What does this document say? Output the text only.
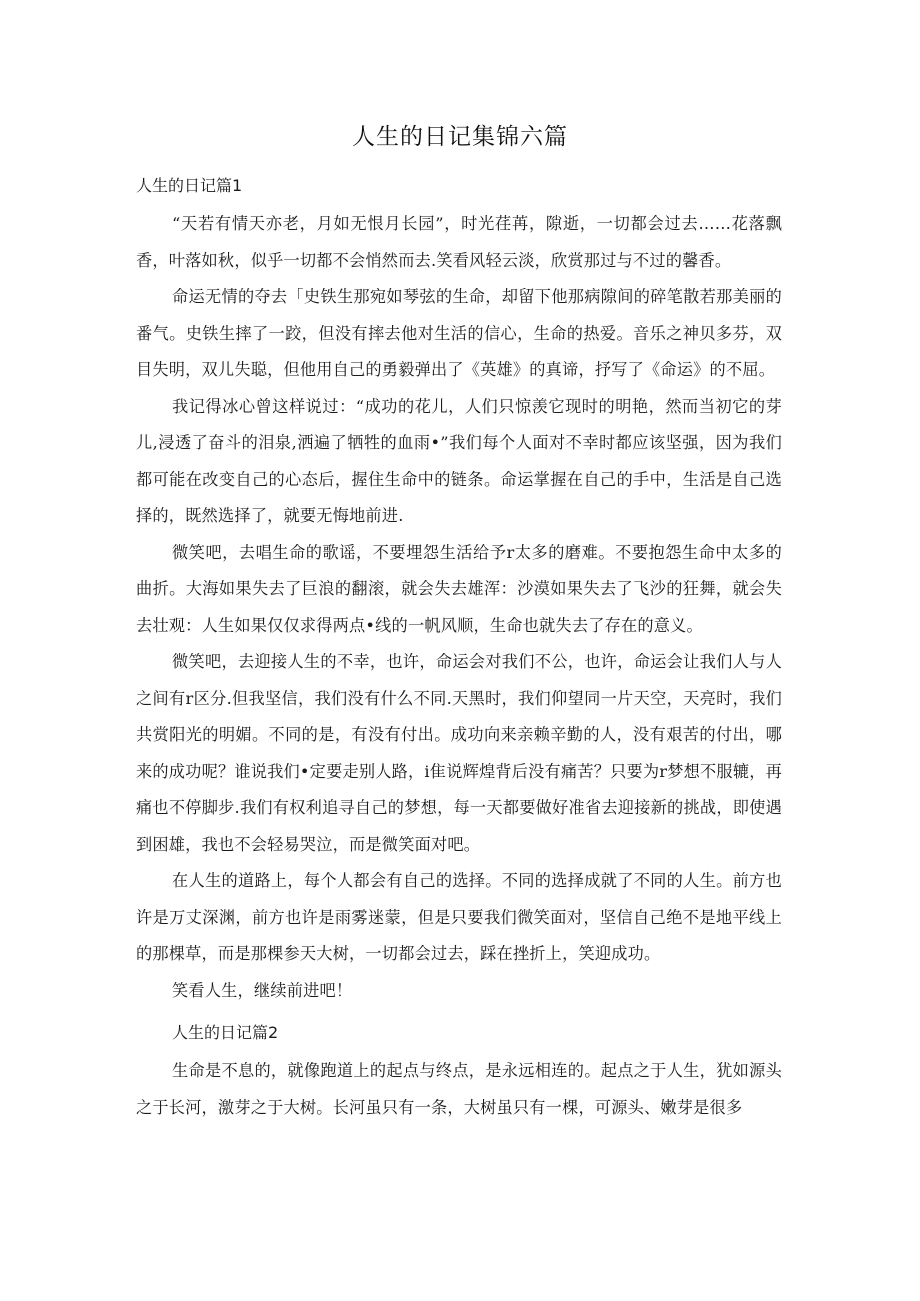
人生的日记集锦六篇
人生的日记篇1

“天若有情天亦老，月如无恨月长园”，时光荏苒，隙逝，一切都会过去……花落飘香，叶落如秋，似乎一切都不会悄然而去.笑看风轻云淡，欣赏那过与不过的馨香。

命运无情的夺去「史铁生那宛如琴弦的生命，却留下他那病隙间的碎笔散若那美丽的番气。史铁生摔了一跤，但没有摔去他对生活的信心，生命的热爱。音乐之神贝多芬，双目失明，双儿失聪，但他用自己的勇毅弹出了《英雄》的真谛，抒写了《命运》的不屈。

我记得冰心曾这样说过：“成功的花儿，人们只惊羡它现时的明艳，然而当初它的芽儿,浸透了奋斗的泪泉,洒遍了牺牲的血雨•”我们每个人面对不幸时都应该坚强，因为我们都可能在改变自己的心态后，握住生命中的链条。命运掌握在自己的手中，生活是自己选择的，既然选择了，就要无悔地前进.

微笑吧，去唱生命的歌谣，不要埋怨生活给予r太多的磨难。不要抱怨生命中太多的曲折。大海如果失去了巨浪的翻滚，就会失去雄浑：沙漠如果失去了飞沙的狂舞，就会失去壮观：人生如果仅仅求得两点•线的一帆风顺，生命也就失去了存在的意义。

微笑吧，去迎接人生的不幸，也许，命运会对我们不公，也许，命运会让我们人与人之间有r区分.但我坚信，我们没有什么不同.天黑时，我们仰望同一片天空，天亮时，我们共赏阳光的明媚。不同的是，有没有付出。成功向来亲赖辛勤的人，没有艰苦的付出，哪来的成功呢？谁说我们•定要走别人路，i隹说辉煌背后没有痛苦？只要为r梦想不服辘，再痛也不停脚步.我们有权利追寻自己的梦想，每一天都要做好准省去迎接新的挑战，即使遇到困雄，我也不会轻易哭泣，而是微笑面对吧。

在人生的道路上，每个人都会有自己的选择。不同的选择成就了不同的人生。前方也许是万丈深渊，前方也许是雨雾迷蒙，但是只要我们微笑面对，坚信自己绝不是地平线上的那棵草，而是那棵参天大树，一切都会过去，踩在挫折上，笑迎成功。

笑看人生，继续前进吧！

人生的日记篇2

生命是不息的，就像跑道上的起点与终点，是永远相连的。起点之于人生，犹如源头之于长河，激芽之于大树。长河虽只有一条，大树虽只有一棵，可源头、嫩芽是很多
